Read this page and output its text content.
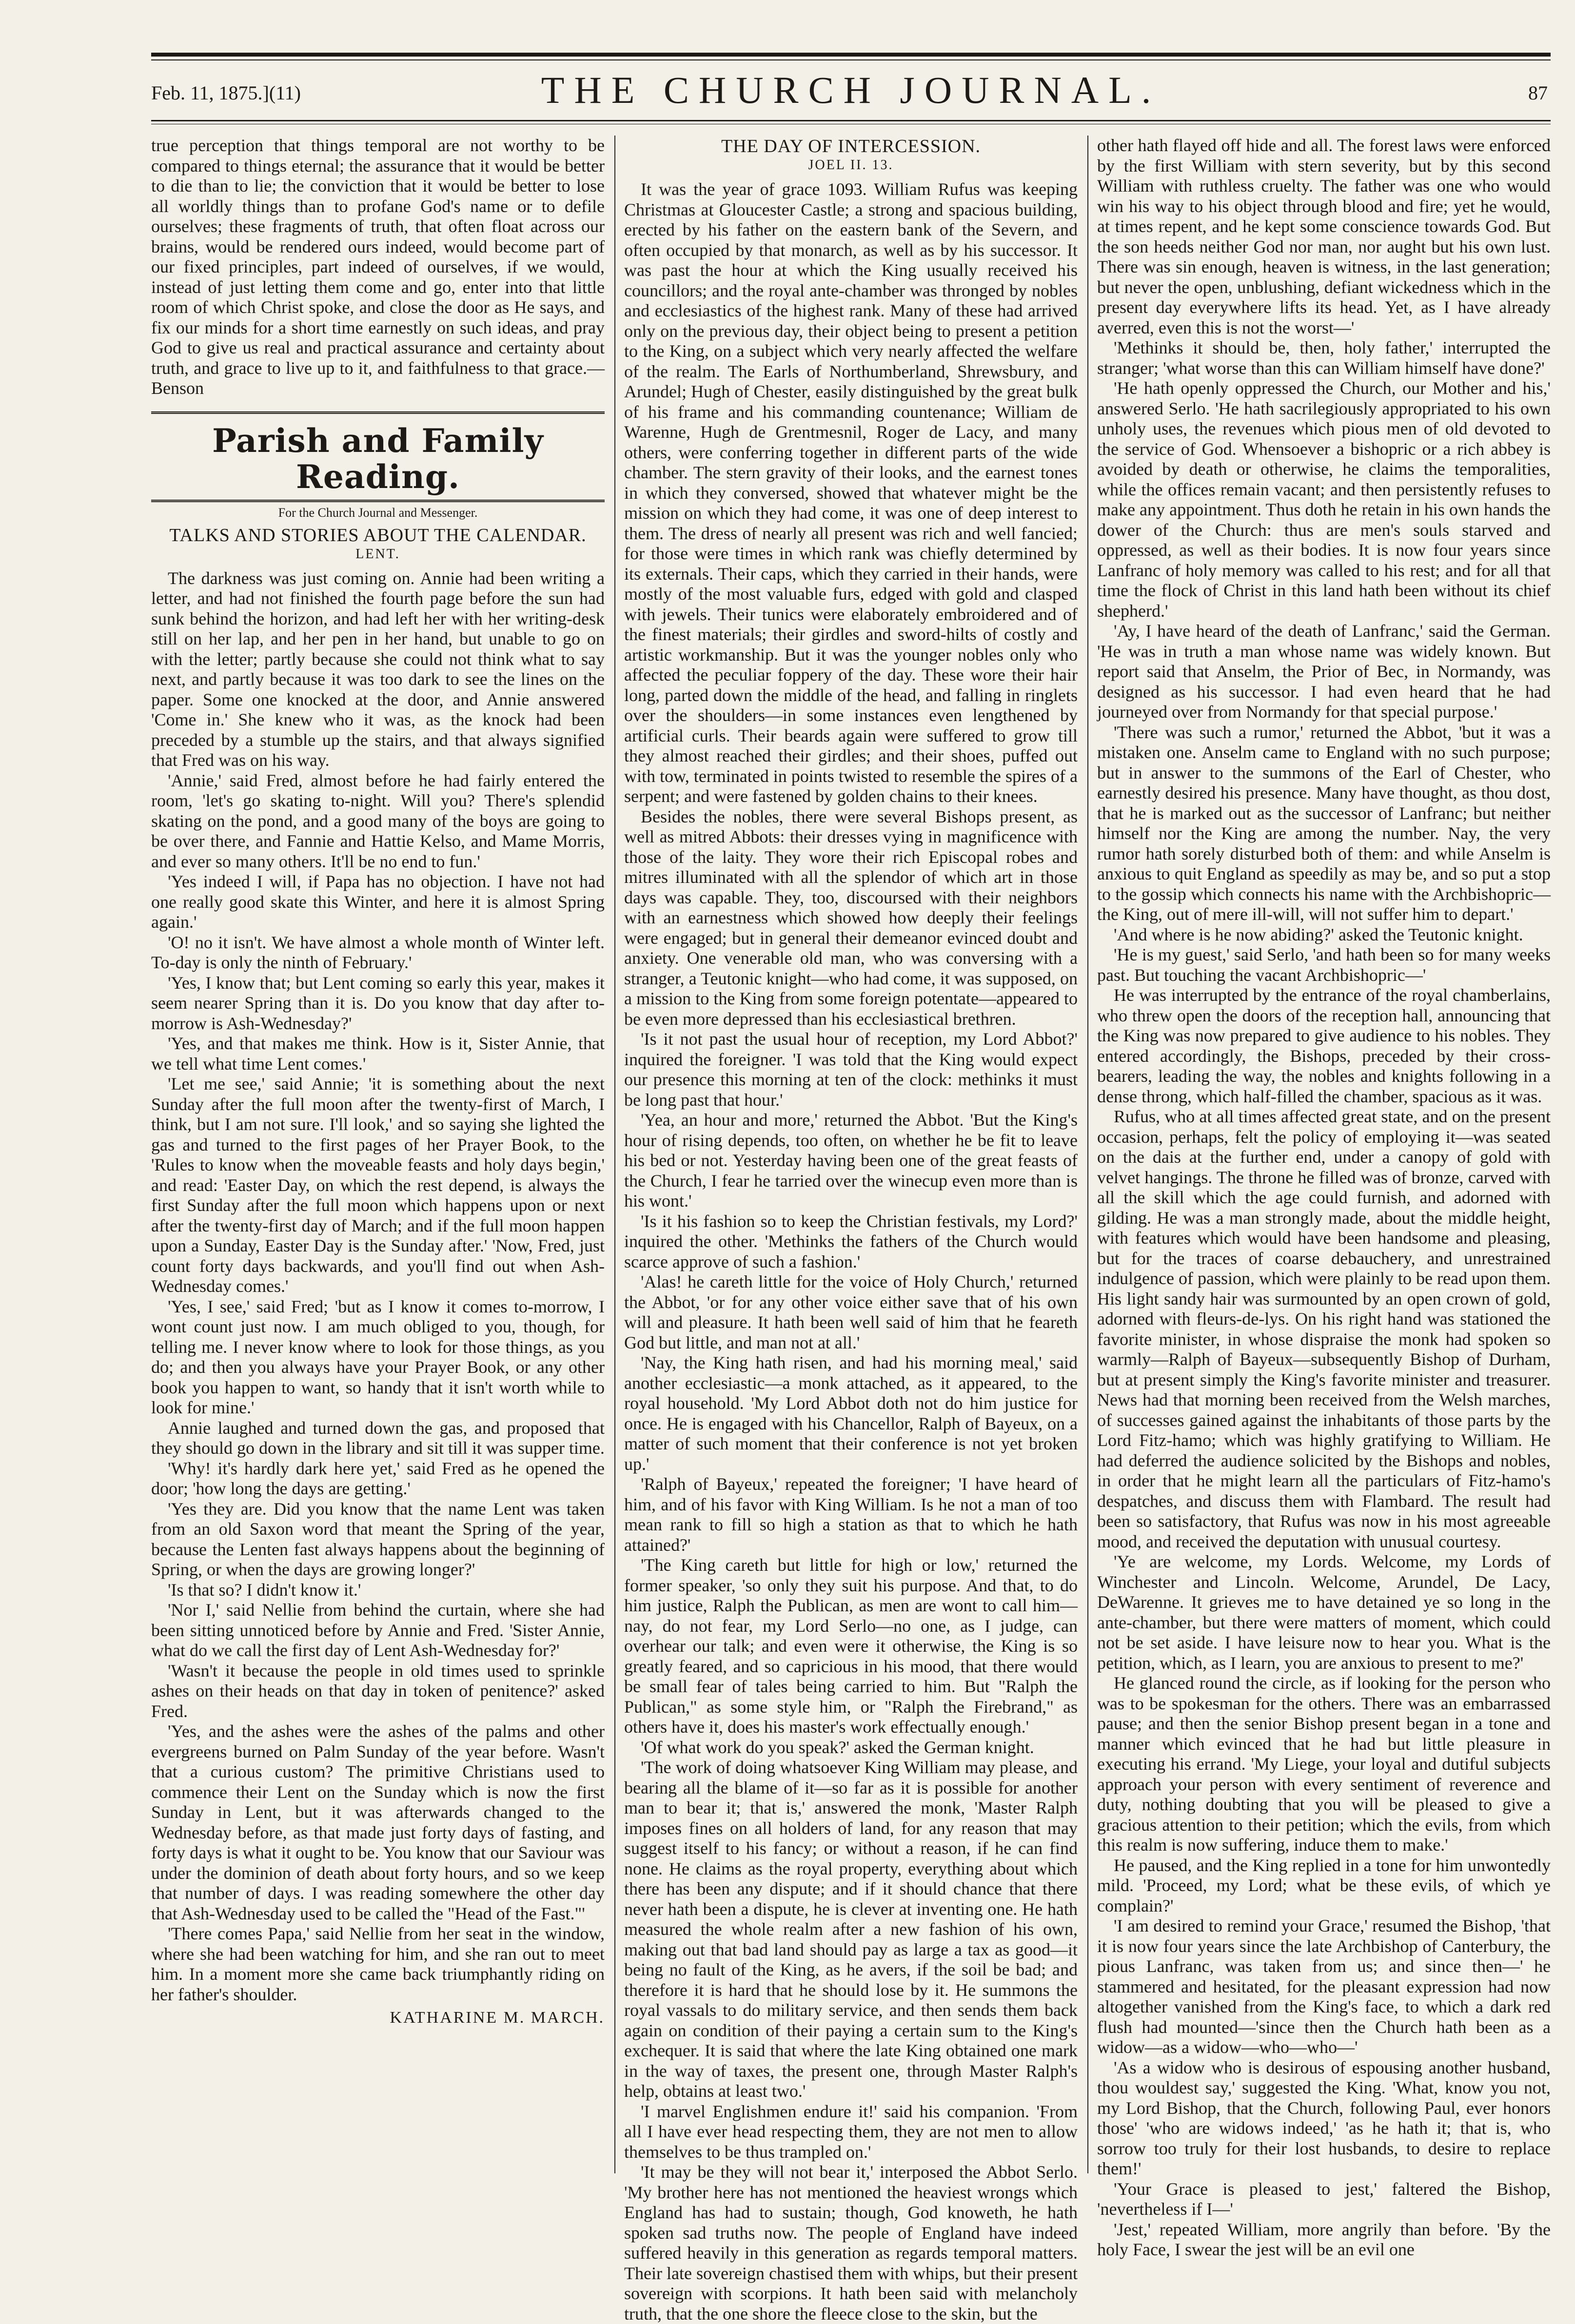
Feb. 11, 1875.](11)	THE CHURCH JOURNAL.	87

true perception that things temporal are not worthy to be compared to things eternal; the assurance that it would be better to die than to lie; the conviction that it would be better to lose all worldly things than to profane God's name or to defile ourselves; these fragments of truth, that often float across our brains, would be rendered ours indeed, would become part of our fixed principles, part indeed of ourselves, if we would, instead of just letting them come and go, enter into that little room of which Christ spoke, and close the door as He says, and fix our minds for a short time earnestly on such ideas, and pray God to give us real and practical assurance and certainty about truth, and grace to live up to it, and faithfulness to that grace.—Benson

Parish and Family Reading.
For the Church Journal and Messenger.
TALKS AND STORIES ABOUT THE CALENDAR.
LENT.

The darkness was just coming on. Annie had been writing a letter, and had not finished the fourth page before the sun had sunk behind the horizon, and had left her with her writing-desk still on her lap, and her pen in her hand, but unable to go on with the letter; partly because she could not think what to say next, and partly because it was too dark to see the lines on the paper. Some one knocked at the door, and Annie answered 'Come in.' She knew who it was, as the knock had been preceded by a stumble up the stairs, and that always signified that Fred was on his way.

'Annie,' said Fred, almost before he had fairly entered the room, 'let's go skating to-night. Will you? There's splendid skating on the pond, and a good many of the boys are going to be over there, and Fannie and Hattie Kelso, and Mame Morris, and ever so many others. It'll be no end to fun.'

'Yes indeed I will, if Papa has no objection. I have not had one really good skate this Winter, and here it is almost Spring again.'

'O! no it isn't. We have almost a whole month of Winter left. To-day is only the ninth of February.'

'Yes, I know that; but Lent coming so early this year, makes it seem nearer Spring than it is. Do you know that day after to-morrow is Ash-Wednesday?'

'Yes, and that makes me think. How is it, Sister Annie, that we tell what time Lent comes.'

'Let me see,' said Annie; 'it is something about the next Sunday after the full moon after the twenty-first of March, I think, but I am not sure. I'll look,' and so saying she lighted the gas and turned to the first pages of her Prayer Book, to the 'Rules to know when the moveable feasts and holy days begin,' and read: 'Easter Day, on which the rest depend, is always the first Sunday after the full moon which happens upon or next after the twenty-first day of March; and if the full moon happen upon a Sunday, Easter Day is the Sunday after.' 'Now, Fred, just count forty days backwards, and you'll find out when Ash-Wednesday comes.'

'Yes, I see,' said Fred; 'but as I know it comes to-morrow, I wont count just now. I am much obliged to you, though, for telling me. I never know where to look for those things, as you do; and then you always have your Prayer Book, or any other book you happen to want, so handy that it isn't worth while to look for mine.'

Annie laughed and turned down the gas, and proposed that they should go down in the library and sit till it was supper time.

'Why! it's hardly dark here yet,' said Fred as he opened the door; 'how long the days are getting.'

'Yes they are. Did you know that the name Lent was taken from an old Saxon word that meant the Spring of the year, because the Lenten fast always happens about the beginning of Spring, or when the days are growing longer?'

'Is that so? I didn't know it.'

'Nor I,' said Nellie from behind the curtain, where she had been sitting unnoticed before by Annie and Fred. 'Sister Annie, what do we call the first day of Lent Ash-Wednesday for?'

'Wasn't it because the people in old times used to sprinkle ashes on their heads on that day in token of penitence?' asked Fred.

'Yes, and the ashes were the ashes of the palms and other evergreens burned on Palm Sunday of the year before. Wasn't that a curious custom? The primitive Christians used to commence their Lent on the Sunday which is now the first Sunday in Lent, but it was afterwards changed to the Wednesday before, as that made just forty days of fasting, and forty days is what it ought to be. You know that our Saviour was under the dominion of death about forty hours, and so we keep that number of days. I was reading somewhere the other day that Ash-Wednesday used to be called the "Head of the Fast."'

'There comes Papa,' said Nellie from her seat in the window, where she had been watching for him, and she ran out to meet him. In a moment more she came back triumphantly riding on her father's shoulder.

KATHARINE M. MARCH.

THE DAY OF INTERCESSION.
JOEL II. 13.

It was the year of grace 1093. William Rufus was keeping Christmas at Gloucester Castle; a strong and spacious building, erected by his father on the eastern bank of the Severn, and often occupied by that monarch, as well as by his successor. It was past the hour at which the King usually received his councillors; and the royal ante-chamber was thronged by nobles and ecclesiastics of the highest rank. Many of these had arrived only on the previous day, their object being to present a petition to the King, on a subject which very nearly affected the welfare of the realm. The Earls of Northumberland, Shrewsbury, and Arundel; Hugh of Chester, easily distinguished by the great bulk of his frame and his commanding countenance; William de Warenne, Hugh de Grentmesnil, Roger de Lacy, and many others, were conferring together in different parts of the wide chamber. The stern gravity of their looks, and the earnest tones in which they conversed, showed that whatever might be the mission on which they had come, it was one of deep interest to them. The dress of nearly all present was rich and well fancied; for those were times in which rank was chiefly determined by its externals. Their caps, which they carried in their hands, were mostly of the most valuable furs, edged with gold and clasped with jewels. Their tunics were elaborately embroidered and of the finest materials; their girdles and sword-hilts of costly and artistic workmanship. But it was the younger nobles only who affected the peculiar foppery of the day. These wore their hair long, parted down the middle of the head, and falling in ringlets over the shoulders—in some instances even lengthened by artificial curls. Their beards again were suffered to grow till they almost reached their girdles; and their shoes, puffed out with tow, terminated in points twisted to resemble the spires of a serpent; and were fastened by golden chains to their knees.

Besides the nobles, there were several Bishops present, as well as mitred Abbots: their dresses vying in magnificence with those of the laity. They wore their rich Episcopal robes and mitres illuminated with all the splendor of which art in those days was capable. They, too, discoursed with their neighbors with an earnestness which showed how deeply their feelings were engaged; but in general their demeanor evinced doubt and anxiety. One venerable old man, who was conversing with a stranger, a Teutonic knight—who had come, it was supposed, on a mission to the King from some foreign potentate—appeared to be even more depressed than his ecclesiastical brethren.

'Is it not past the usual hour of reception, my Lord Abbot?' inquired the foreigner. 'I was told that the King would expect our presence this morning at ten of the clock: methinks it must be long past that hour.'

'Yea, an hour and more,' returned the Abbot. 'But the King's hour of rising depends, too often, on whether he be fit to leave his bed or not. Yesterday having been one of the great feasts of the Church, I fear he tarried over the winecup even more than is his wont.'

'Is it his fashion so to keep the Christian festivals, my Lord?' inquired the other. 'Methinks the fathers of the Church would scarce approve of such a fashion.'

'Alas! he careth little for the voice of Holy Church,' returned the Abbot, 'or for any other voice either save that of his own will and pleasure. It hath been well said of him that he feareth God but little, and man not at all.'

'Nay, the King hath risen, and had his morning meal,' said another ecclesiastic—a monk attached, as it appeared, to the royal household. 'My Lord Abbot doth not do him justice for once. He is engaged with his Chancellor, Ralph of Bayeux, on a matter of such moment that their conference is not yet broken up.'

'Ralph of Bayeux,' repeated the foreigner; 'I have heard of him, and of his favor with King William. Is he not a man of too mean rank to fill so high a station as that to which he hath attained?'

'The King careth but little for high or low,' returned the former speaker, 'so only they suit his purpose. And that, to do him justice, Ralph the Publican, as men are wont to call him—nay, do not fear, my Lord Serlo—no one, as I judge, can overhear our talk; and even were it otherwise, the King is so greatly feared, and so capricious in his mood, that there would be small fear of tales being carried to him. But "Ralph the Publican," as some style him, or "Ralph the Firebrand," as others have it, does his master's work effectually enough.'

'Of what work do you speak?' asked the German knight.

'The work of doing whatsoever King William may please, and bearing all the blame of it—so far as it is possible for another man to bear it; that is,' answered the monk, 'Master Ralph imposes fines on all holders of land, for any reason that may suggest itself to his fancy; or without a reason, if he can find none. He claims as the royal property, everything about which there has been any dispute; and if it should chance that there never hath been a dispute, he is clever at inventing one. He hath measured the whole realm after a new fashion of his own, making out that bad land should pay as large a tax as good—it being no fault of the King, as he avers, if the soil be bad; and therefore it is hard that he should lose by it. He summons the royal vassals to do military service, and then sends them back again on condition of their paying a certain sum to the King's exchequer. It is said that where the late King obtained one mark in the way of taxes, the present one, through Master Ralph's help, obtains at least two.'

'I marvel Englishmen endure it!' said his companion. 'From all I have ever head respecting them, they are not men to allow themselves to be thus trampled on.'

'It may be they will not bear it,' interposed the Abbot Serlo. 'My brother here has not mentioned the heaviest wrongs which England has had to sustain; though, God knoweth, he hath spoken sad truths now. The people of England have indeed suffered heavily in this generation as regards temporal matters. Their late sovereign chastised them with whips, but their present sovereign with scorpions. It hath been said with melancholy truth, that the one shore the fleece close to the skin, but the

other hath flayed off hide and all. The forest laws were enforced by the first William with stern severity, but by this second William with ruthless cruelty. The father was one who would win his way to his object through blood and fire; yet he would, at times repent, and he kept some conscience towards God. But the son heeds neither God nor man, nor aught but his own lust. There was sin enough, heaven is witness, in the last generation; but never the open, unblushing, defiant wickedness which in the present day everywhere lifts its head. Yet, as I have already averred, even this is not the worst—'

'Methinks it should be, then, holy father,' interrupted the stranger; 'what worse than this can William himself have done?'

'He hath openly oppressed the Church, our Mother and his,' answered Serlo. 'He hath sacrilegiously appropriated to his own unholy uses, the revenues which pious men of old devoted to the service of God. Whensoever a bishopric or a rich abbey is avoided by death or otherwise, he claims the temporalities, while the offices remain vacant; and then persistently refuses to make any appointment. Thus doth he retain in his own hands the dower of the Church: thus are men's souls starved and oppressed, as well as their bodies. It is now four years since Lanfranc of holy memory was called to his rest; and for all that time the flock of Christ in this land hath been without its chief shepherd.'

'Ay, I have heard of the death of Lanfranc,' said the German. 'He was in truth a man whose name was widely known. But report said that Anselm, the Prior of Bec, in Normandy, was designed as his successor. I had even heard that he had journeyed over from Normandy for that special purpose.'

'There was such a rumor,' returned the Abbot, 'but it was a mistaken one. Anselm came to England with no such purpose; but in answer to the summons of the Earl of Chester, who earnestly desired his presence. Many have thought, as thou dost, that he is marked out as the successor of Lanfranc; but neither himself nor the King are among the number. Nay, the very rumor hath sorely disturbed both of them: and while Anselm is anxious to quit England as speedily as may be, and so put a stop to the gossip which connects his name with the Archbishopric—the King, out of mere ill-will, will not suffer him to depart.'

'And where is he now abiding?' asked the Teutonic knight.

'He is my guest,' said Serlo, 'and hath been so for many weeks past. But touching the vacant Archbishopric—'

He was interrupted by the entrance of the royal chamberlains, who threw open the doors of the reception hall, announcing that the King was now prepared to give audience to his nobles. They entered accordingly, the Bishops, preceded by their cross-bearers, leading the way, the nobles and knights following in a dense throng, which half-filled the chamber, spacious as it was.

Rufus, who at all times affected great state, and on the present occasion, perhaps, felt the policy of employing it—was seated on the dais at the further end, under a canopy of gold with velvet hangings. The throne he filled was of bronze, carved with all the skill which the age could furnish, and adorned with gilding. He was a man strongly made, about the middle height, with features which would have been handsome and pleasing, but for the traces of coarse debauchery, and unrestrained indulgence of passion, which were plainly to be read upon them. His light sandy hair was surmounted by an open crown of gold, adorned with fleurs-de-lys. On his right hand was stationed the favorite minister, in whose dispraise the monk had spoken so warmly—Ralph of Bayeux—subsequently Bishop of Durham, but at present simply the King's favorite minister and treasurer. News had that morning been received from the Welsh marches, of successes gained against the inhabitants of those parts by the Lord Fitz-hamo; which was highly gratifying to William. He had deferred the audience solicited by the Bishops and nobles, in order that he might learn all the particulars of Fitz-hamo's despatches, and discuss them with Flambard. The result had been so satisfactory, that Rufus was now in his most agreeable mood, and received the deputation with unusual courtesy.

'Ye are welcome, my Lords. Welcome, my Lords of Winchester and Lincoln. Welcome, Arundel, De Lacy, DeWarenne. It grieves me to have detained ye so long in the ante-chamber, but there were matters of moment, which could not be set aside. I have leisure now to hear you. What is the petition, which, as I learn, you are anxious to present to me?'

He glanced round the circle, as if looking for the person who was to be spokesman for the others. There was an embarrassed pause; and then the senior Bishop present began in a tone and manner which evinced that he had but little pleasure in executing his errand. 'My Liege, your loyal and dutiful subjects approach your person with every sentiment of reverence and duty, nothing doubting that you will be pleased to give a gracious attention to their petition; which the evils, from which this realm is now suffering, induce them to make.'

He paused, and the King replied in a tone for him unwontedly mild. 'Proceed, my Lord; what be these evils, of which ye complain?'

'I am desired to remind your Grace,' resumed the Bishop, 'that it is now four years since the late Archbishop of Canterbury, the pious Lanfranc, was taken from us; and since then—' he stammered and hesitated, for the pleasant expression had now altogether vanished from the King's face, to which a dark red flush had mounted—'since then the Church hath been as a widow—as a widow—who—who—'

'As a widow who is desirous of espousing another husband, thou wouldest say,' suggested the King. 'What, know you not, my Lord Bishop, that the Church, following Paul, ever honors those' 'who are widows indeed,' 'as he hath it; that is, who sorrow too truly for their lost husbands, to desire to replace them!'

'Your Grace is pleased to jest,' faltered the Bishop, 'nevertheless if I—'

'Jest,' repeated William, more angrily than before. 'By the holy Face, I swear the jest will be an evil one
